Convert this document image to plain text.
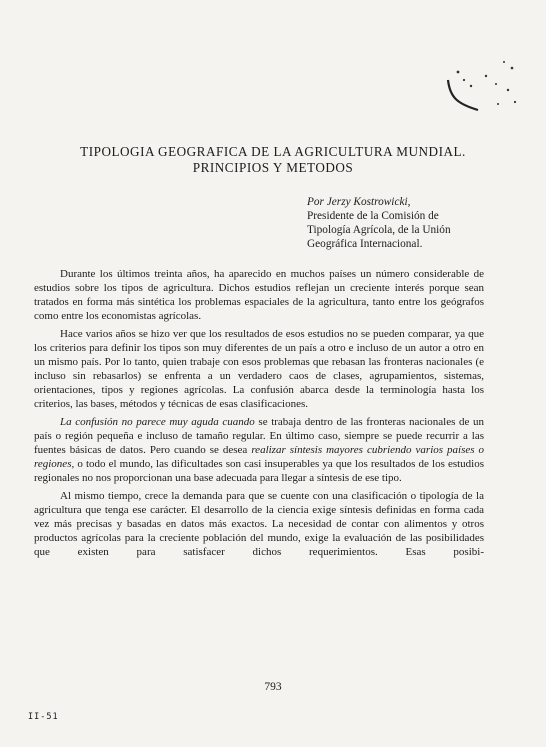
TIPOLOGIA GEOGRAFICA DE LA AGRICULTURA MUNDIAL.
PRINCIPIOS Y METODOS
Por Jerzy Kostrowicki,
Presidente de la Comisión de
Tipología Agrícola, de la Unión
Geográfica Internacional.

Durante los últimos treinta años, ha aparecido en muchos países un número considerable de estudios sobre los tipos de agricultura. Dichos estudios reflejan un creciente interés porque sean tratados en forma más sintética los problemas espaciales de la agricultura, tanto entre los geógrafos como entre los economistas agrícolas.

Hace varios años se hizo ver que los resultados de esos estudios no se pueden comparar, ya que los criterios para definir los tipos son muy diferentes de un país a otro e incluso de un autor a otro en un mismo país. Por lo tanto, quien trabaje con esos problemas que rebasan las fronteras nacionales (e incluso sin rebasarlos) se enfrenta a un verdadero caos de clases, agrupamientos, sistemas, orientaciones, tipos y regiones agrícolas. La confusión abarca desde la terminología hasta los criterios, las bases, métodos y técnicas de esas clasificaciones.

La confusión no parece muy aguda cuando se trabaja dentro de las fronteras nacionales de un país o región pequeña e incluso de tamaño regular. En último caso, siempre se puede recurrir a las fuentes básicas de datos. Pero cuando se desea realizar síntesis mayores cubriendo varios países o regiones, o todo el mundo, las dificultades son casi insuperables ya que los resultados de los estudios regionales no nos proporcionan una base adecuada para llegar a síntesis de ese tipo.

Al mismo tiempo, crece la demanda para que se cuente con una clasificación o tipología de la agricultura que tenga ese carácter. El desarrollo de la ciencia exige síntesis definidas en forma cada vez más precisas y basadas en datos más exactos. La necesidad de contar con alimentos y otros productos agrícolas para la creciente población del mundo, exige la evaluación de las posibilidades que existen para satisfacer dichos requerimientos. Esas posibi-

793
II-51
